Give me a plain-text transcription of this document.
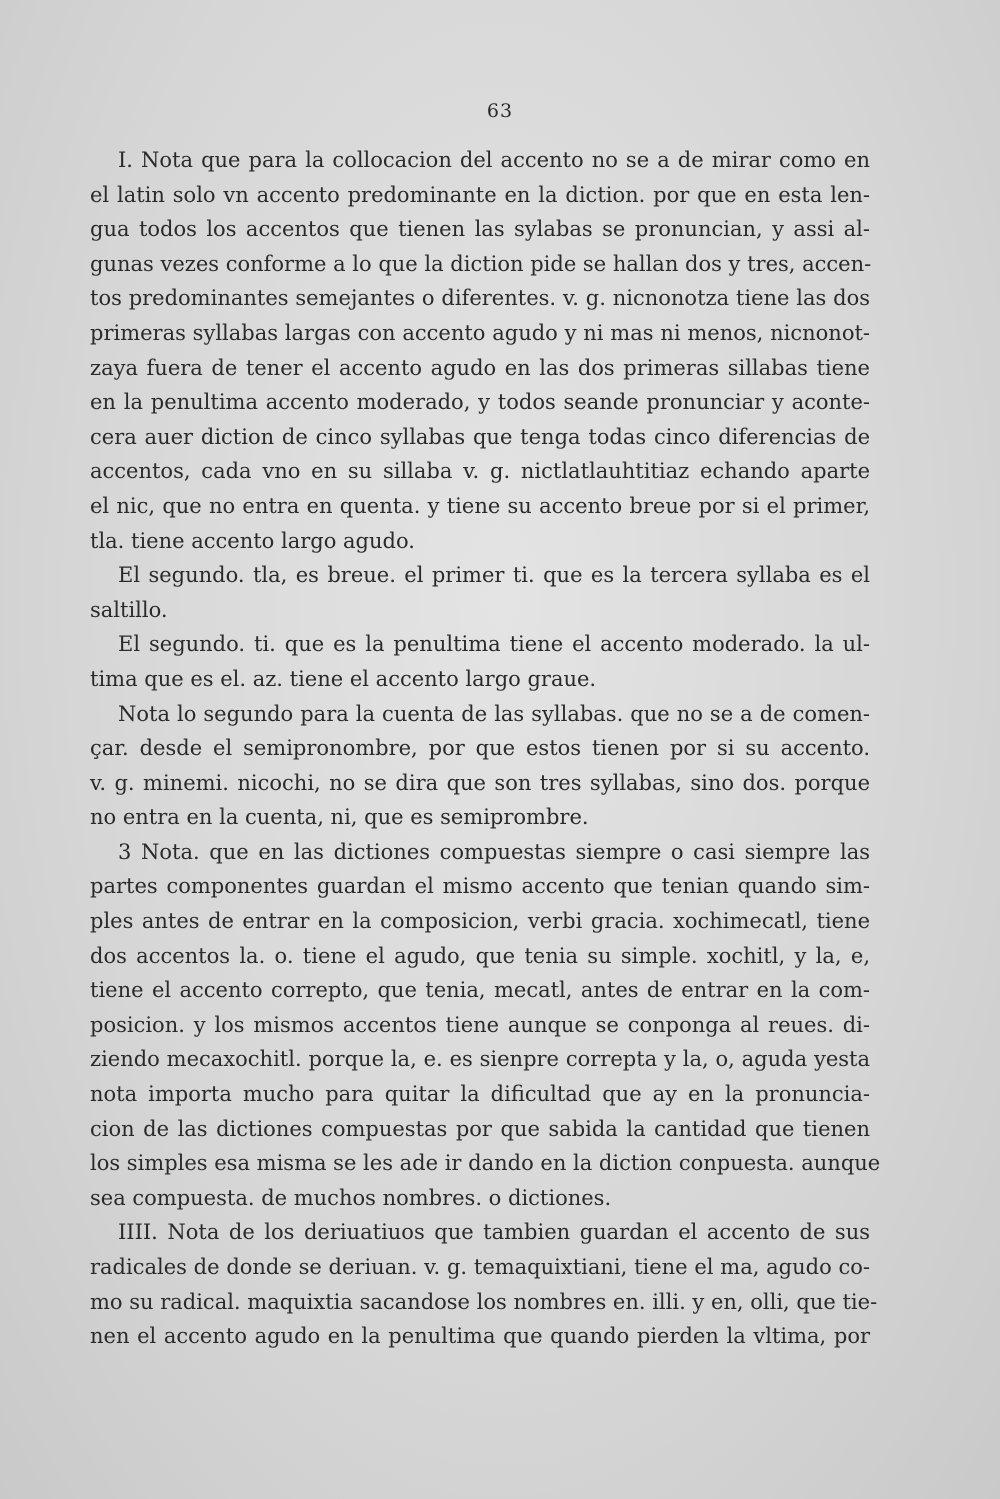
63
I. Nota que para la collocacion del accento no se a de mirar como en
el latin solo vn accento predominante en la diction. por que en esta len-
gua todos los accentos que tienen las sylabas se pronuncian, y assi al-
gunas vezes conforme a lo que la diction pide se hallan dos y tres, accen-
tos predominantes semejantes o diferentes. v. g. nicnonotza tiene las dos
primeras syllabas largas con accento agudo y ni mas ni menos, nicnonot-
zaya fuera de tener el accento agudo en las dos primeras sillabas tiene
en la penultima accento moderado, y todos seande pronunciar y aconte-
cera auer diction de cinco syllabas que tenga todas cinco diferencias de
accentos, cada vno en su sillaba v. g. nictlatlauhtitiaz echando aparte
el nic, que no entra en quenta. y tiene su accento breue por si el primer,
tla. tiene accento largo agudo.
El segundo. tla, es breue. el primer ti. que es la tercera syllaba es el
saltillo.
El segundo. ti. que es la penultima tiene el accento moderado. la ul-
tima que es el. az. tiene el accento largo graue.
Nota lo segundo para la cuenta de las syllabas. que no se a de comen-
çar. desde el semipronombre, por que estos tienen por si su accento.
v. g. minemi. nicochi, no se dira que son tres syllabas, sino dos. porque
no entra en la cuenta, ni, que es semiprombre.
3 Nota. que en las dictiones compuestas siempre o casi siempre las
partes componentes guardan el mismo accento que tenian quando sim-
ples antes de entrar en la composicion, verbi gracia. xochimecatl, tiene
dos accentos la. o. tiene el agudo, que tenia su simple. xochitl, y la, e,
tiene el accento correpto, que tenia, mecatl, antes de entrar en la com-
posicion. y los mismos accentos tiene aunque se conponga al reues. di-
ziendo mecaxochitl. porque la, e. es sienpre correpta y la, o, aguda yesta
nota importa mucho para quitar la dificultad que ay en la pronuncia-
cion de las dictiones compuestas por que sabida la cantidad que tienen
los simples esa misma se les ade ir dando en la diction conpuesta. aunque
sea compuesta. de muchos nombres. o dictiones.
IIII. Nota de los deriuatiuos que tambien guardan el accento de sus
radicales de donde se deriuan. v. g. temaquixtiani, tiene el ma, agudo co-
mo su radical. maquixtia sacandose los nombres en. illi. y en, olli, que tie-
nen el accento agudo en la penultima que quando pierden la vltima, por
